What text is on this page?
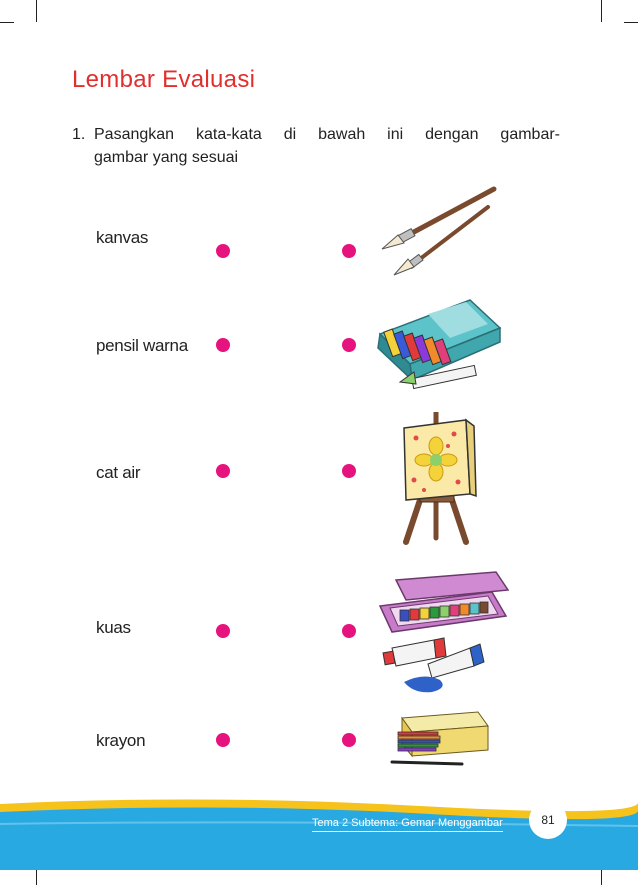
Lembar Evaluasi
1. Pasangkan kata-kata di bawah ini dengan gambar-
gambar yang sesuai
kanvas
pensil warna
cat air
kuas
krayon
Tema 2 Subtema: Gemar Menggambar	81
